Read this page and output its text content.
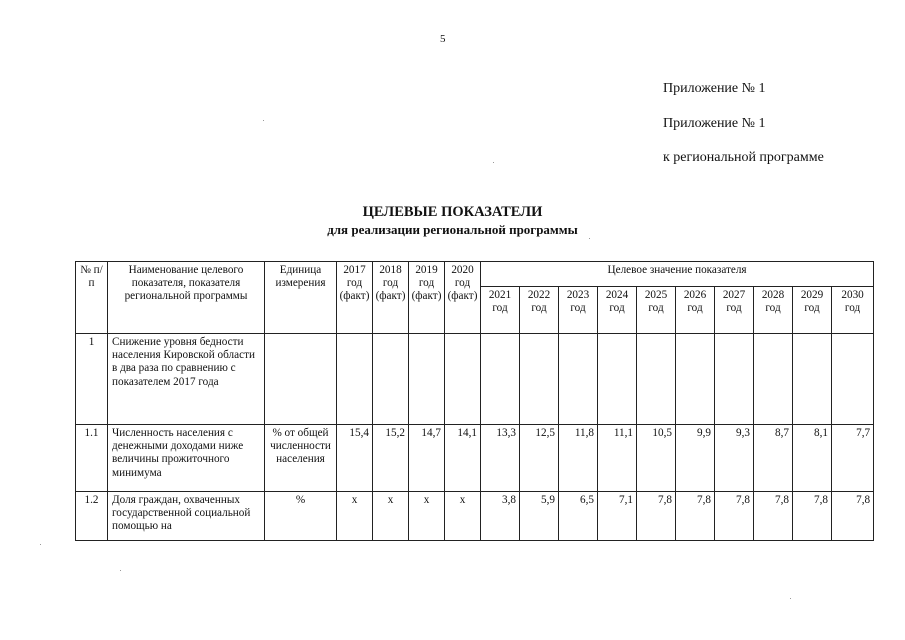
5
Приложение № 1
Приложение № 1
к региональной программе
ЦЕЛЕВЫЕ ПОКАЗАТЕЛИ
для реализации региональной программы
№ п/п	Наименование целевого показателя, показателя региональной программы	Единица измерения	2017 год (факт)	2018 год (факт)	2019 год (факт)	2020 год (факт)	Целевое значение показателя									
							2021 год	2022 год	2023 год	2024 год	2025 год	2026 год	2027 год	2028 год	2029 год	2030 год
1	Снижение уровня бедности населения Кировской области в два раза по сравнению с показателем 2017 года															
1.1	Численность населения с денежными доходами ниже величины прожиточного минимума	% от общей численности населения	15,4	15,2	14,7	14,1	13,3	12,5	11,8	11,1	10,5	9,9	9,3	8,7	8,1	7,7
1.2	Доля граждан, охваченных государственной социальной помощью на	%	х	х	х	х	3,8	5,9	6,5	7,1	7,8	7,8	7,8	7,8	7,8	7,8
